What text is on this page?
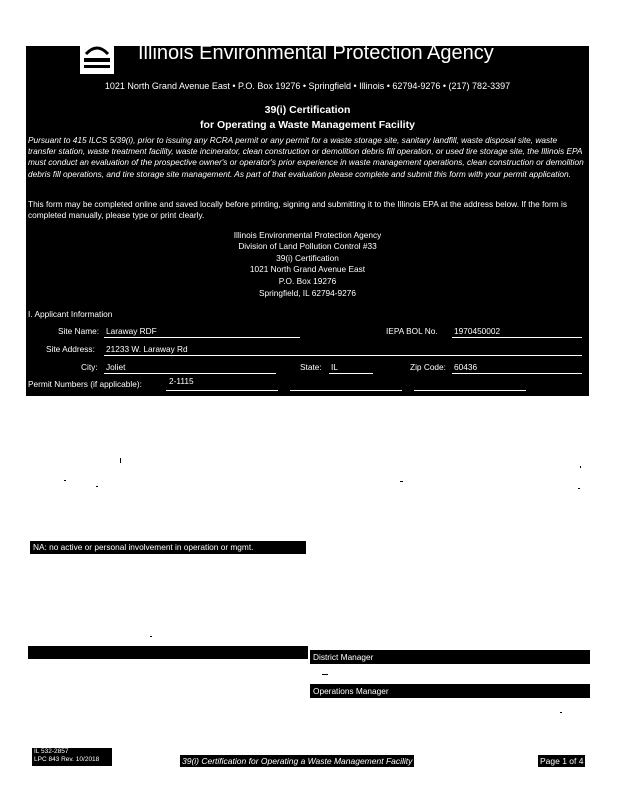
Illinois Environmental Protection Agency
1021 North Grand Avenue East • P.O. Box 19276 • Springfield • Illinois • 62794-9276 • (217) 782-3397
39(i) Certification
for Operating a Waste Management Facility
Pursuant to 415 ILCS 5/39(i), prior to issuing any RCRA permit or any permit for a waste storage site, sanitary landfill, waste disposal site, waste transfer station, waste treatment facility, waste incinerator, clean construction or demolition debris fill operation, or used tire storage site, the Illinois EPA must conduct an evaluation of the prospective owner's or operator's prior experience in waste management operations, clean construction or demolition debris fill operations, and tire storage site management. As part of that evaluation please complete and submit this form with your permit application.
This form may be completed online and saved locally before printing, signing and submitting it to the Illinois EPA at the address below. If the form is completed manually, please type or print clearly.
Illinois Environmental Protection Agency
Division of Land Pollution Control #33
39(i) Certification
1021 North Grand Avenue East
P.O. Box 19276
Springfield, IL 62794-9276
I. Applicant Information
Site Name: Laraway RDF	IEPA BOL No. 1970450002
Site Address: 21233 W. Laraway Rd
City: Joliet	State: IL	Zip Code: 60436
Permit Numbers (if applicable):	2-1115
NA: no active or personal involvement in operation or mgmt.
District Manager
Operations Manager
IL 532-2857
LPC 843 Rev. 10/2018	39(i) Certification for Operating a Waste Management Facility	Page 1 of 4
